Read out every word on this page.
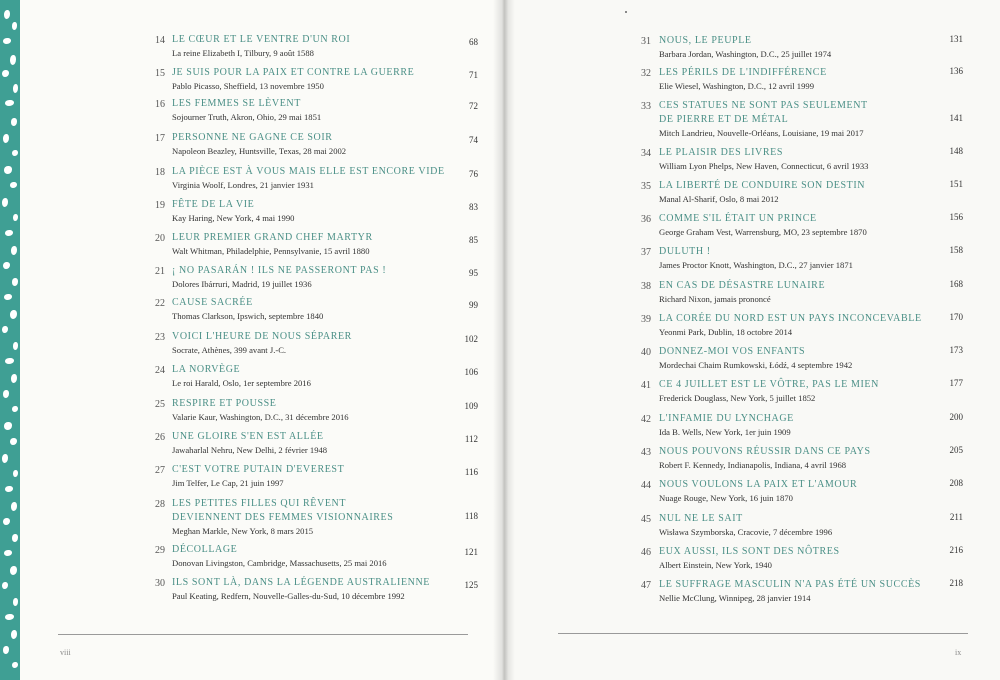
14 LE CŒUR ET LE VENTRE D'UN ROI
La reine Elizabeth I, Tilbury, 9 août 1588
68
15 JE SUIS POUR LA PAIX ET CONTRE LA GUERRE
Pablo Picasso, Sheffield, 13 novembre 1950
71
16 LES FEMMES SE LÈVENT
Sojourner Truth, Akron, Ohio, 29 mai 1851
72
17 PERSONNE NE GAGNE CE SOIR
Napoleon Beazley, Huntsville, Texas, 28 mai 2002
74
18 LA PIÈCE EST À VOUS MAIS ELLE EST ENCORE VIDE
Virginia Woolf, Londres, 21 janvier 1931
76
19 FÊTE DE LA VIE
Kay Haring, New York, 4 mai 1990
83
20 LEUR PREMIER GRAND CHEF MARTYR
Walt Whitman, Philadelphie, Pennsylvanie, 15 avril 1880
85
21 ¡ NO PASARÁN ! ILS NE PASSERONT PAS !
Dolores Ibárruri, Madrid, 19 juillet 1936
95
22 CAUSE SACRÉE
Thomas Clarkson, Ipswich, septembre 1840
99
23 VOICI L'HEURE DE NOUS SÉPARER
Socrate, Athènes, 399 avant J.-C.
102
24 LA NORVÈGE
Le roi Harald, Oslo, 1er septembre 2016
106
25 RESPIRE ET POUSSE
Valarie Kaur, Washington, D.C., 31 décembre 2016
109
26 UNE GLOIRE S'EN EST ALLÉE
Jawaharlal Nehru, New Delhi, 2 février 1948
112
27 C'EST VOTRE PUTAIN D'EVEREST
Jim Telfer, Le Cap, 21 juin 1997
116
28 LES PETITES FILLES QUI RÊVENT
DEVIENNENT DES FEMMES VISIONNAIRES
Meghan Markle, New York, 8 mars 2015
118
29 DÉCOLLAGE
Donovan Livingston, Cambridge, Massachusetts, 25 mai 2016
121
30 ILS SONT LÀ, DANS LA LÉGENDE AUSTRALIENNE
Paul Keating, Redfern, Nouvelle-Galles-du-Sud, 10 décembre 1992
125
viii
31 NOUS, LE PEUPLE
Barbara Jordan, Washington, D.C., 25 juillet 1974
131
32 LES PÉRILS DE L'INDIFFÉRENCE
Elie Wiesel, Washington, D.C., 12 avril 1999
136
33 CES STATUES NE SONT PAS SEULEMENT
DE PIERRE ET DE MÉTAL
Mitch Landrieu, Nouvelle-Orléans, Louisiane, 19 mai 2017
141
34 LE PLAISIR DES LIVRES
William Lyon Phelps, New Haven, Connecticut, 6 avril 1933
148
35 LA LIBERTÉ DE CONDUIRE SON DESTIN
Manal Al-Sharif, Oslo, 8 mai 2012
151
36 COMME S'IL ÉTAIT UN PRINCE
George Graham Vest, Warrensburg, MO, 23 septembre 1870
156
37 DULUTH !
James Proctor Knott, Washington, D.C., 27 janvier 1871
158
38 EN CAS DE DÉSASTRE LUNAIRE
Richard Nixon, jamais prononcé
168
39 LA CORÉE DU NORD EST UN PAYS INCONCEVABLE
Yeonmi Park, Dublin, 18 octobre 2014
170
40 DONNEZ-MOI VOS ENFANTS
Mordechai Chaim Rumkowski, Łódź, 4 septembre 1942
173
41 CE 4 JUILLET EST LE VÔTRE, PAS LE MIEN
Frederick Douglass, New York, 5 juillet 1852
177
42 L'INFAMIE DU LYNCHAGE
Ida B. Wells, New York, 1er juin 1909
200
43 NOUS POUVONS RÉUSSIR DANS CE PAYS
Robert F. Kennedy, Indianapolis, Indiana, 4 avril 1968
205
44 NOUS VOULONS LA PAIX ET L'AMOUR
Nuage Rouge, New York, 16 juin 1870
208
45 NUL NE LE SAIT
Wisława Szymborska, Cracovie, 7 décembre 1996
211
46 EUX AUSSI, ILS SONT DES NÔTRES
Albert Einstein, New York, 1940
216
47 LE SUFFRAGE MASCULIN N'A PAS ÉTÉ UN SUCCÈS
Nellie McClung, Winnipeg, 28 janvier 1914
218
ix
